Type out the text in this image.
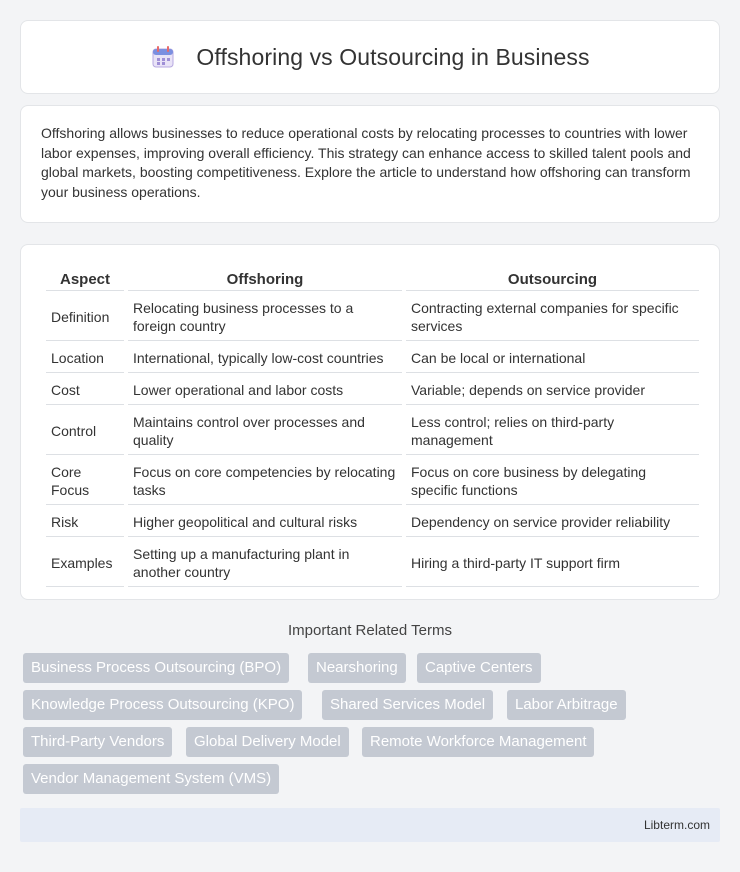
Offshoring vs Outsourcing in Business

Offshoring allows businesses to reduce operational costs by relocating processes to countries with lower labor expenses, improving overall efficiency. This strategy can enhance access to skilled talent pools and global markets, boosting competitiveness. Explore the article to understand how offshoring can transform your business operations.

Aspect	Offshoring	Outsourcing
Definition	Relocating business processes to a foreign country	Contracting external companies for specific services
Location	International, typically low-cost countries	Can be local or international
Cost	Lower operational and labor costs	Variable; depends on service provider
Control	Maintains control over processes and quality	Less control; relies on third-party management
Core Focus	Focus on core competencies by relocating tasks	Focus on core business by delegating specific functions
Risk	Higher geopolitical and cultural risks	Dependency on service provider reliability
Examples	Setting up a manufacturing plant in another country	Hiring a third-party IT support firm
Important Related Terms
Business Process Outsourcing (BPO)	Nearshoring	Captive Centers
Knowledge Process Outsourcing (KPO)	Shared Services Model	Labor Arbitrage
Third-Party Vendors	Global Delivery Model	Remote Workforce Management
Vendor Management System (VMS)
Libterm.com
